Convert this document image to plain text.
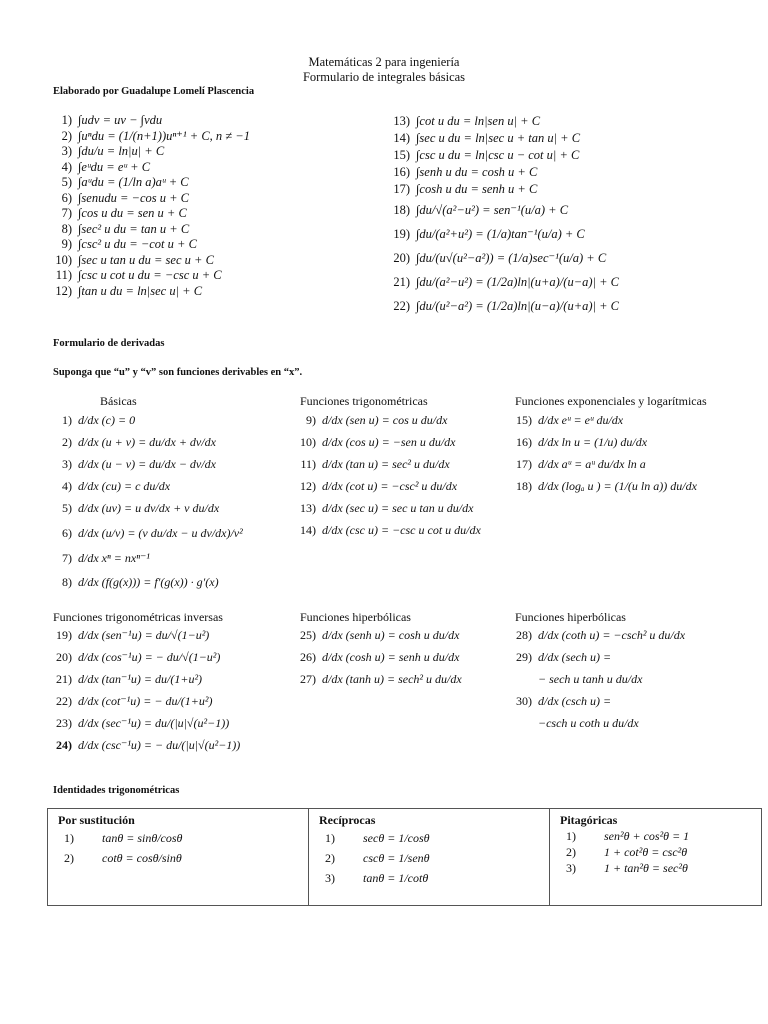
Matemáticas 2 para ingeniería
Formulario de integrales básicas
Elaborado por Guadalupe Lomelí Plascencia
1) ∫udv = uv − ∫vdu
2) ∫uⁿdu = (1/(n+1))uⁿ⁺¹ + C, n ≠ −1
3) ∫du/u = ln|u| + C
4) ∫eᵘdu = eᵘ + C
5) ∫aᵘdu = (1/ln a)aᵘ + C
6) ∫senudu = −cos u + C
7) ∫cos u du = sen u + C
8) ∫sec² u du = tan u + C
9) ∫csc² u du = −cot u + C
10) ∫sec u tan u du = sec u + C
11) ∫csc u cot u du = −csc u + C
12) ∫tan u du = ln|sec u| + C
13) ∫cot u du = ln|sen u| + C
14) ∫sec u du = ln|sec u + tan u| + C
15) ∫csc u du = ln|csc u − cot u| + C
16) ∫senh u du = cosh u + C
17) ∫cosh u du = senh u + C
18) ∫du/√(a²−u²) = sen⁻¹(u/a) + C
19) ∫du/(a²+u²) = (1/a)tan⁻¹(u/a) + C
20) ∫du/(u√(u²−a²)) = (1/a)sec⁻¹(u/a) + C
21) ∫du/(a²−u²) = (1/2a)ln|(u+a)/(u−a)| + C
22) ∫du/(u²−a²) = (1/2a)ln|(u−a)/(u+a)| + C
Formulario de derivadas
Suponga que “u” y “v” son funciones derivables en “x”.
Básicas
1) d/dx (c) = 0
2) d/dx (u + v) = du/dx + dv/dx
3) d/dx (u − v) = du/dx − dv/dx
4) d/dx (cu) = c du/dx
5) d/dx (uv) = u dv/dx + v du/dx
6) d/dx (u/v) = (v du/dx − u dv/dx)/v²
7) d/dx xⁿ = nxⁿ⁻¹
8) d/dx (f(g(x))) = f′(g(x)) · g′(x)
Funciones trigonométricas
9) d/dx (sen u) = cos u du/dx
10) d/dx (cos u) = −sen u du/dx
11) d/dx (tan u) = sec² u du/dx
12) d/dx (cot u) = −csc² u du/dx
13) d/dx (sec u) = sec u tan u du/dx
14) d/dx (csc u) = −csc u cot u du/dx
Funciones exponenciales y logarítmicas
15) d/dx eᵘ = eᵘ du/dx
16) d/dx ln u = (1/u) du/dx
17) d/dx aᵘ = aᵘ du/dx ln a
18) d/dx (logₐ u ) = (1/(u ln a)) du/dx
Funciones trigonométricas inversas
19) d/dx (sen⁻¹u) = du/√(1−u²)
20) d/dx (cos⁻¹u) = − du/√(1−u²)
21) d/dx (tan⁻¹u) = du/(1+u²)
22) d/dx (cot⁻¹u) = − du/(1+u²)
23) d/dx (sec⁻¹u) = du/(|u|√(u²−1))
24) d/dx (csc⁻¹u) = − du/(|u|√(u²−1))
Funciones hiperbólicas
25) d/dx (senh u) = cosh u du/dx
26) d/dx (cosh u) = senh u du/dx
27) d/dx (tanh u) = sech² u du/dx
Funciones hiperbólicas
28) d/dx (coth u) = −csch² u du/dx
29) d/dx (sech u) =
− sech u tanh u du/dx
30) d/dx (csch u) =
−csch u coth u du/dx
Identidades trigonométricas
Por sustitución
1) tanθ = sinθ/cosθ
2) cotθ = cosθ/sinθ

Recíprocas
1) secθ = 1/cosθ
2) cscθ = 1/senθ
3) tanθ = 1/cotθ

Pitagóricas
1) sen²θ + cos²θ = 1
2) 1 + cot²θ = csc²θ
3) 1 + tan²θ = sec²θ
